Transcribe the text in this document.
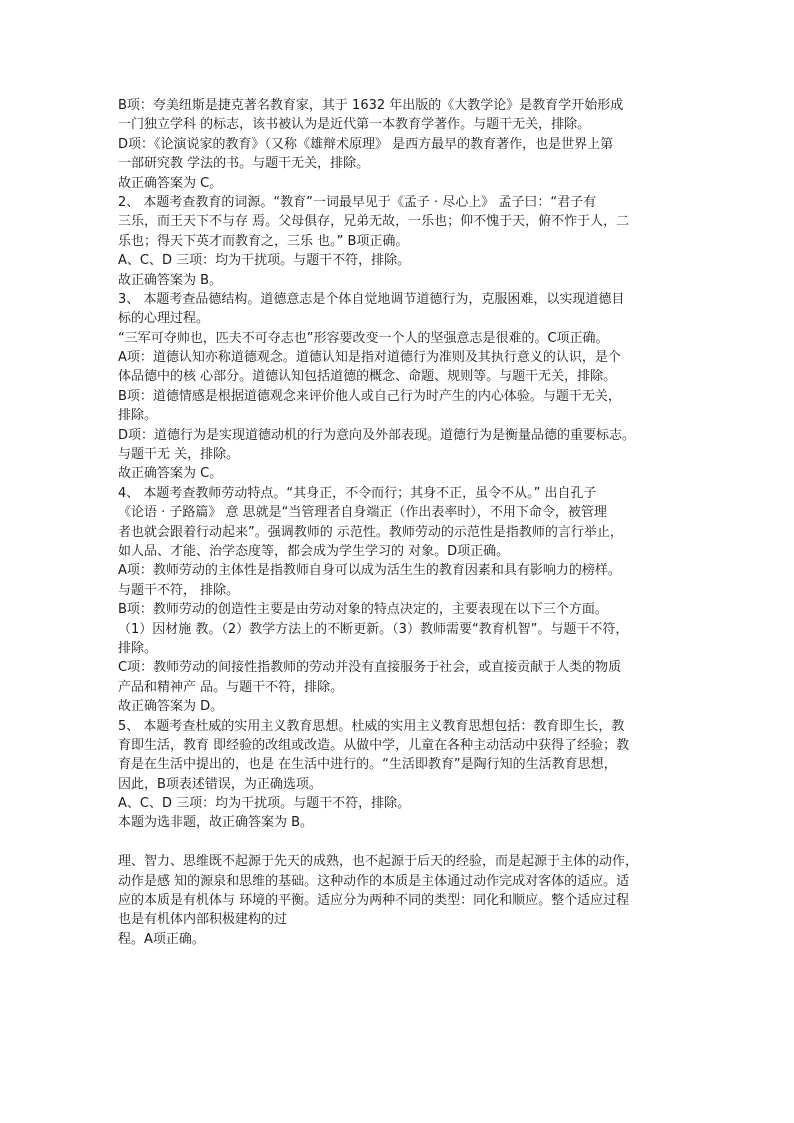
B项：夸美纽斯是捷克著名教育家，其于 1632 年出版的《大教学论》是教育学开始形成
一门独立学科 的标志，该书被认为是近代第一本教育学著作。与题干无关，排除。
D项：《论演说家的教育》（又称《雄辩术原理》 是西方最早的教育著作，也是世界上第
一部研究教 学法的书。与题干无关，排除。
故正确答案为 C。
2、 本题考查教育的词源。“教育”一词最早见于《孟子 · 尽心上》 孟子曰：“君子有
三乐，而王天下不与存 焉。父母俱存，兄弟无故，一乐也；仰不愧于天，俯不怍于人，二
乐也；得天下英才而教育之，三乐 也。” B项正确。
A、C、D 三项：均为干扰项。与题干不符，排除。
故正确答案为 B。
3、 本题考查品德结构。道德意志是个体自觉地调节道德行为，克服困难，以实现道德目
标的心理过程。
“三军可夺帅也，匹夫不可夺志也”形容要改变一个人的坚强意志是很难的。C项正确。
A项：道德认知亦称道德观念。道德认知是指对道德行为准则及其执行意义的认识，是个
体品德中的核 心部分。道德认知包括道德的概念、命题、规则等。与题干无关，排除。
B项：道德情感是根据道德观念来评价他人或自己行为时产生的内心体验。与题干无关，
排除。
D项：道德行为是实现道德动机的行为意向及外部表现。道德行为是衡量品德的重要标志。
与题干无 关，排除。
故正确答案为 C。
4、 本题考查教师劳动特点。“其身正，不令而行；其身不正，虽令不从。” 出自孔子
《论语 · 子路篇》 意 思就是“当管理者自身端正（作出表率时），不用下命令，被管理
者也就会跟着行动起来”。强调教师的 示范性。教师劳动的示范性是指教师的言行举止，
如人品、才能、治学态度等，都会成为学生学习的 对象。D项正确。
A项：教师劳动的主体性是指教师自身可以成为活生生的教育因素和具有影响力的榜样。
与题干不符， 排除。
B项：教师劳动的创造性主要是由劳动对象的特点决定的，主要表现在以下三个方面。
（1）因材施 教。（2）教学方法上的不断更新。（3）教师需要“教育机智”。与题干不符，
排除。
C项：教师劳动的间接性指教师的劳动并没有直接服务于社会，或直接贡献于人类的物质
产品和精神产 品。与题干不符，排除。
故正确答案为 D。
5、 本题考查杜威的实用主义教育思想。杜威的实用主义教育思想包括：教育即生长，教
育即生活，教育 即经验的改组或改造。从做中学，儿童在各种主动活动中获得了经验；教
育是在生活中提出的，也是 在生活中进行的。“生活即教育”是陶行知的生活教育思想，
因此，B项表述错误，为正确选项。
A、C、D 三项：均为干扰项。与题干不符，排除。
本题为选非题，故正确答案为 B。
理、智力、思维既不起源于先天的成熟，也不起源于后天的经验，而是起源于主体的动作，
动作是感 知的源泉和思维的基础。这种动作的本质是主体通过动作完成对客体的适应。适
应的本质是有机体与 环境的平衡。适应分为两种不同的类型：同化和顺应。整个适应过程
也是有机体内部积极建构的过
程。A项正确。
